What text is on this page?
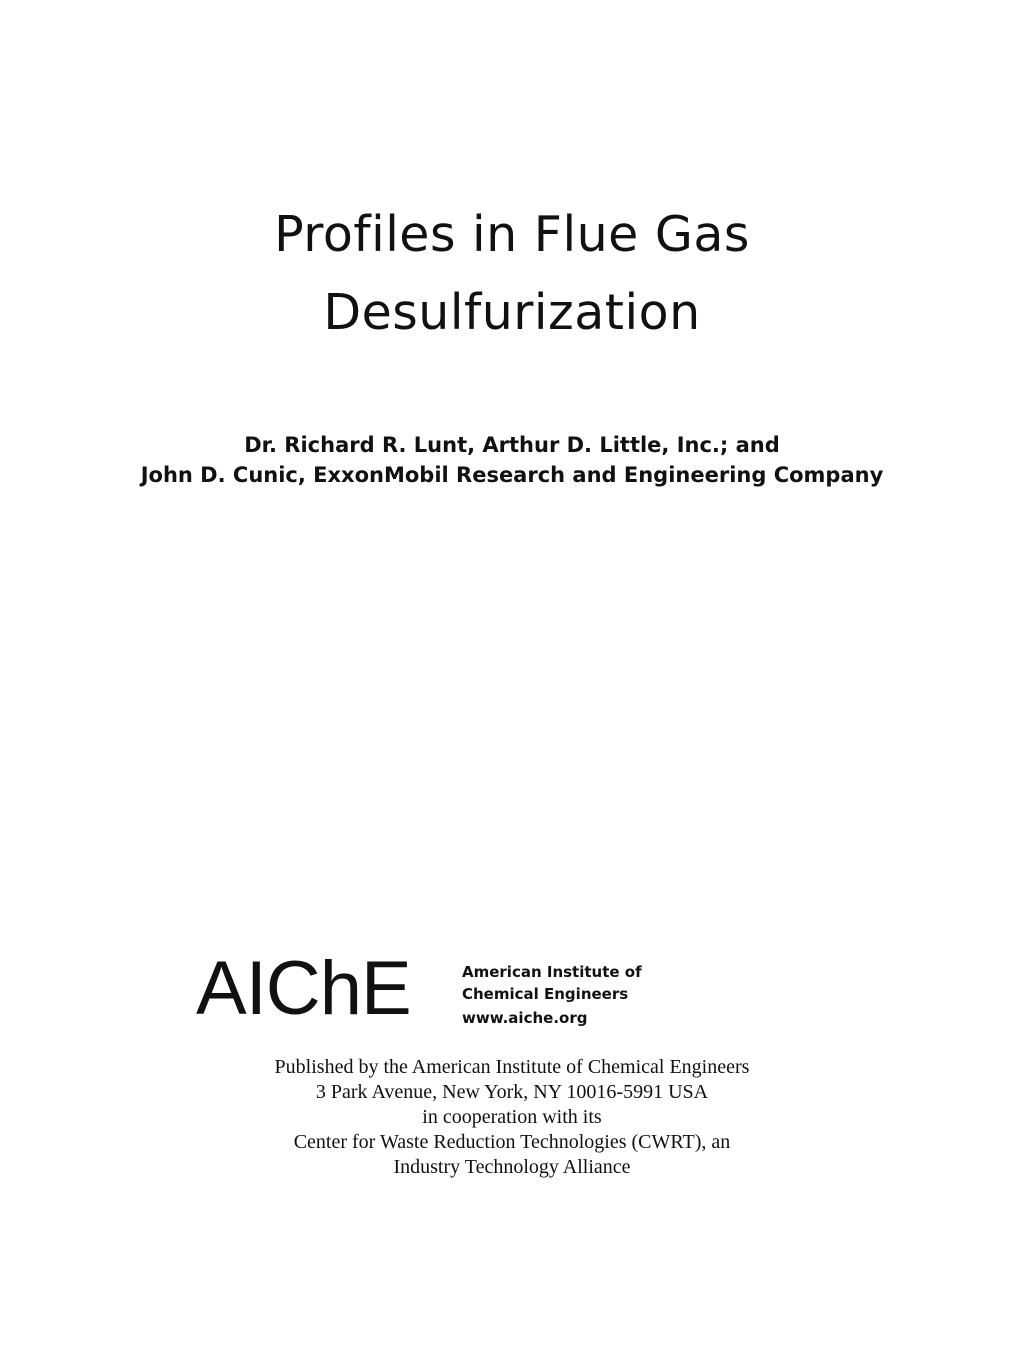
Profiles in Flue Gas
Desulfurization
Dr. Richard R. Lunt, Arthur D. Little, Inc.; and
John D. Cunic, ExxonMobil Research and Engineering Company
AIChE	American Institute of
Chemical Engineers
www.aiche.org
Published by the American Institute of Chemical Engineers
3 Park Avenue, New York, NY 10016-5991 USA
in cooperation with its
Center for Waste Reduction Technologies (CWRT), an
Industry Technology Alliance
